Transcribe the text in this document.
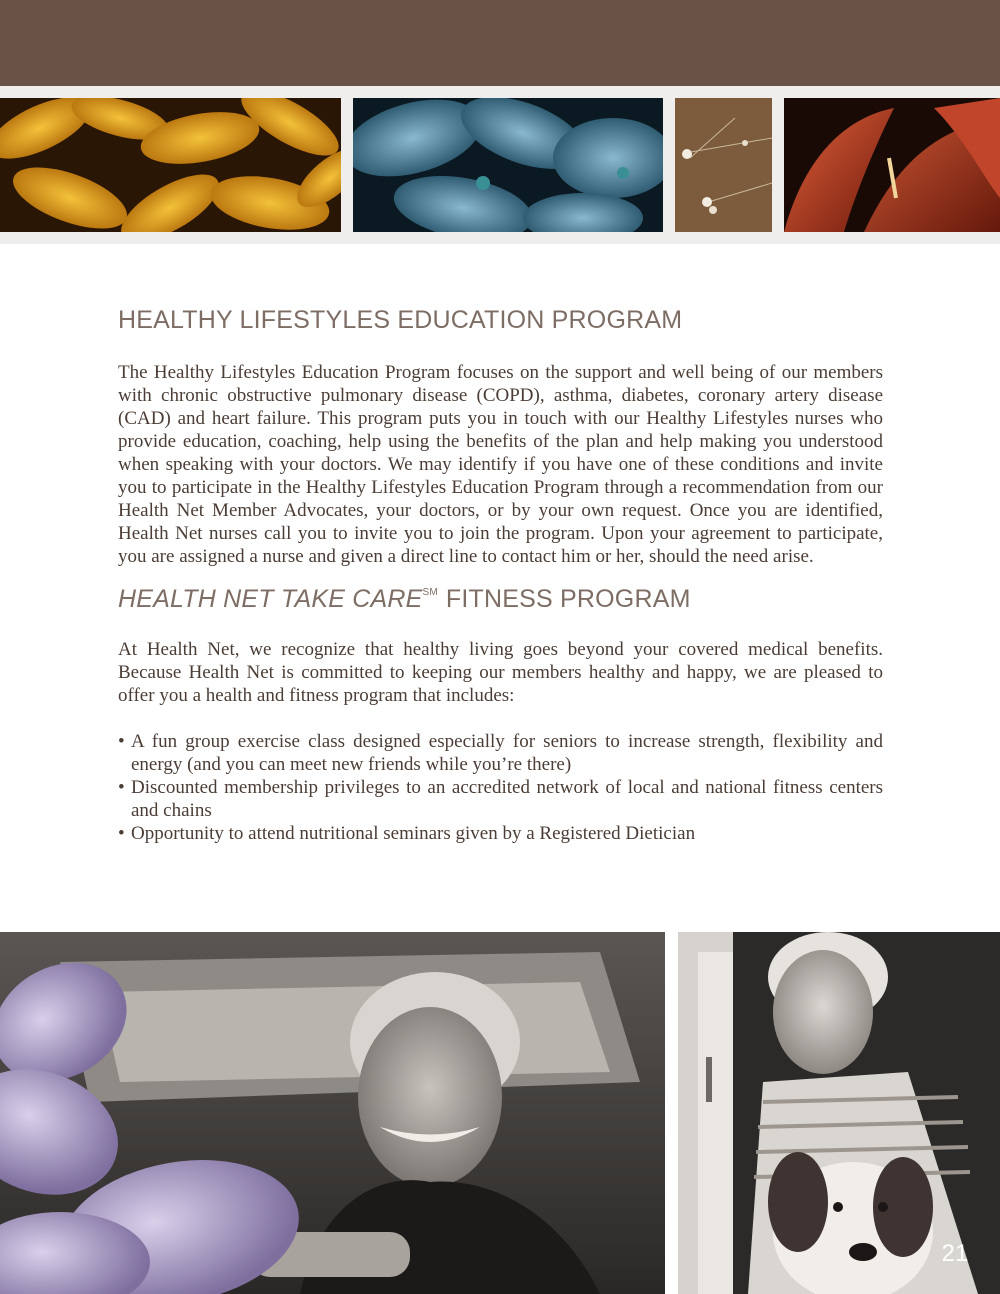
HEALTHY LIFESTYLES EDUCATION PROGRAM

The Healthy Lifestyles Education Program focuses on the support and well being of our members with chronic obstructive pulmonary disease (COPD), asthma, diabetes, coronary artery disease (CAD) and heart failure. This program puts you in touch with our Healthy Lifestyles nurses who provide education, coaching, help using the benefits of the plan and help making you understood when speaking with your doctors. We may identify if you have one of these conditions and invite you to participate in the Healthy Lifestyles Education Program through a recommendation from our Health Net Member Advocates, your doctors, or by your own request. Once you are identified, Health Net nurses call you to invite you to join the program. Upon your agreement to participate, you are assigned a nurse and given a direct line to contact him or her, should the need arise.

HEALTH NET TAKE CARE℠ FITNESS PROGRAM

At Health Net, we recognize that healthy living goes beyond your covered medical benefits. Because Health Net is committed to keeping our members healthy and happy, we are pleased to offer you a health and fitness program that includes:

• A fun group exercise class designed especially for seniors to increase strength, flexibility and energy (and you can meet new friends while you’re there)
• Discounted membership privileges to an accredited network of local and national fitness centers and chains
• Opportunity to attend nutritional seminars given by a Registered Dietician
21
